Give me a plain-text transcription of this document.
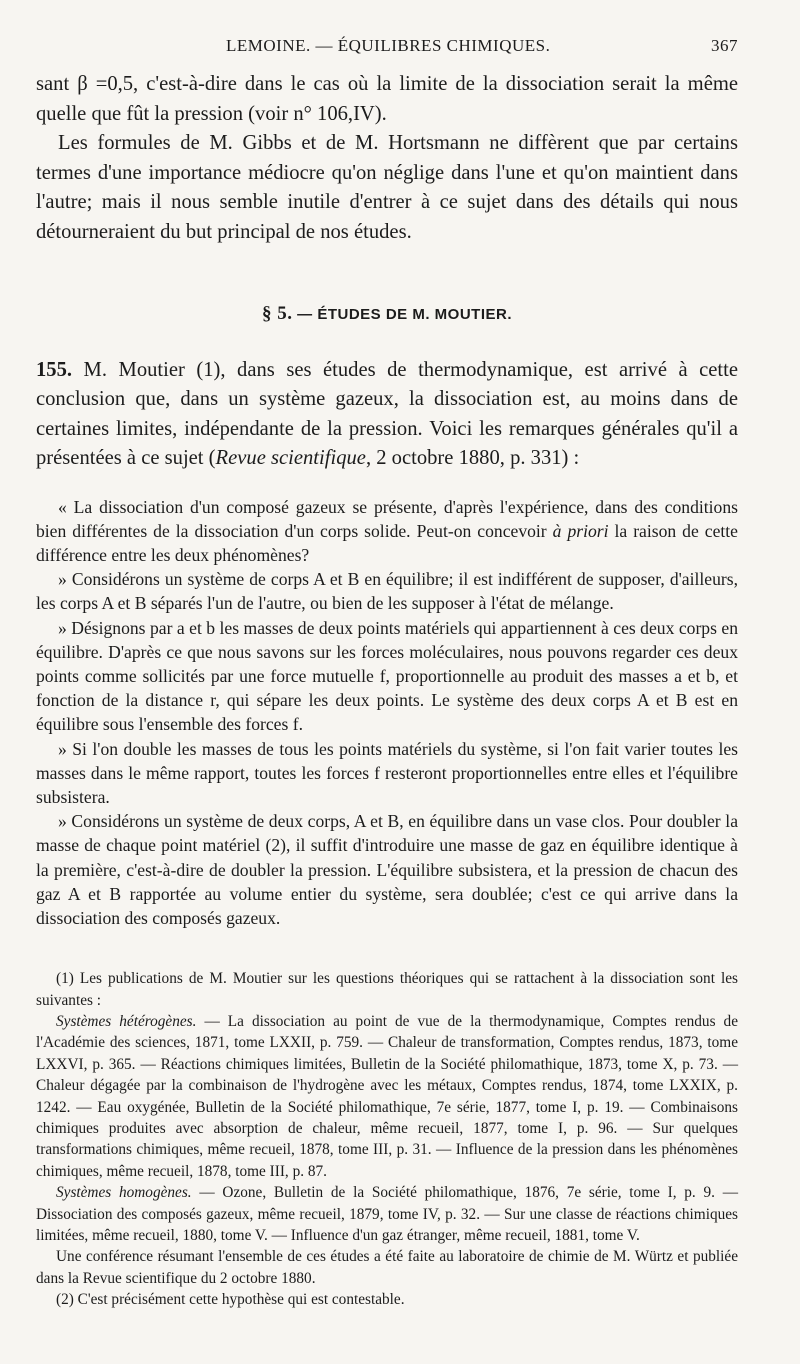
LEMOINE. — ÉQUILIBRES CHIMIQUES.	367

sant β =0,5, c'est-à-dire dans le cas où la limite de la dissociation serait la même quelle que fût la pression (voir n° 106,IV).

Les formules de M. Gibbs et de M. Hortsmann ne diffèrent que par certains termes d'une importance médiocre qu'on néglige dans l'une et qu'on maintient dans l'autre; mais il nous semble inutile d'entrer à ce sujet dans des détails qui nous détourneraient du but principal de nos études.

§ 5. — ÉTUDES DE M. MOUTIER.

155. M. Moutier (1), dans ses études de thermodynamique, est arrivé à cette conclusion que, dans un système gazeux, la dissociation est, au moins dans de certaines limites, indépendante de la pression. Voici les remarques générales qu'il a présentées à ce sujet (Revue scientifique, 2 octobre 1880, p. 331) :

« La dissociation d'un composé gazeux se présente, d'après l'expérience, dans des conditions bien différentes de la dissociation d'un corps solide. Peut-on concevoir à priori la raison de cette différence entre les deux phénomènes?

» Considérons un système de corps A et B en équilibre; il est indifférent de supposer, d'ailleurs, les corps A et B séparés l'un de l'autre, ou bien de les supposer à l'état de mélange.

» Désignons par a et b les masses de deux points matériels qui appartiennent à ces deux corps en équilibre. D'après ce que nous savons sur les forces moléculaires, nous pouvons regarder ces deux points comme sollicités par une force mutuelle f, proportionnelle au produit des masses a et b, et fonction de la distance r, qui sépare les deux points. Le système des deux corps A et B est en équilibre sous l'ensemble des forces f.

» Si l'on double les masses de tous les points matériels du système, si l'on fait varier toutes les masses dans le même rapport, toutes les forces f resteront proportionnelles entre elles et l'équilibre subsistera.

» Considérons un système de deux corps, A et B, en équilibre dans un vase clos. Pour doubler la masse de chaque point matériel (2), il suffit d'introduire une masse de gaz en équilibre identique à la première, c'est-à-dire de doubler la pression. L'équilibre subsistera, et la pression de chacun des gaz A et B rapportée au volume entier du système, sera doublée; c'est ce qui arrive dans la dissociation des composés gazeux.

(1) Les publications de M. Moutier sur les questions théoriques qui se rattachent à la dissociation sont les suivantes :

Systèmes hétérogènes. — La dissociation au point de vue de la thermodynamique, Comptes rendus de l'Académie des sciences, 1871, tome LXXII, p. 759. — Chaleur de transformation, Comptes rendus, 1873, tome LXXVI, p. 365. — Réactions chimiques limitées, Bulletin de la Société philomathique, 1873, tome X, p. 73. — Chaleur dégagée par la combinaison de l'hydrogène avec les métaux, Comptes rendus, 1874, tome LXXIX, p. 1242. — Eau oxygénée, Bulletin de la Société philomathique, 7e série, 1877, tome I, p. 19. — Combinaisons chimiques produites avec absorption de chaleur, même recueil, 1877, tome I, p. 96. — Sur quelques transformations chimiques, même recueil, 1878, tome III, p. 31. — Influence de la pression dans les phénomènes chimiques, même recueil, 1878, tome III, p. 87.

Systèmes homogènes. — Ozone, Bulletin de la Société philomathique, 1876, 7e série, tome I, p. 9. — Dissociation des composés gazeux, même recueil, 1879, tome IV, p. 32. — Sur une classe de réactions chimiques limitées, même recueil, 1880, tome V. — Influence d'un gaz étranger, même recueil, 1881, tome V.

Une conférence résumant l'ensemble de ces études a été faite au laboratoire de chimie de M. Würtz et publiée dans la Revue scientifique du 2 octobre 1880.

(2) C'est précisément cette hypothèse qui est contestable.
